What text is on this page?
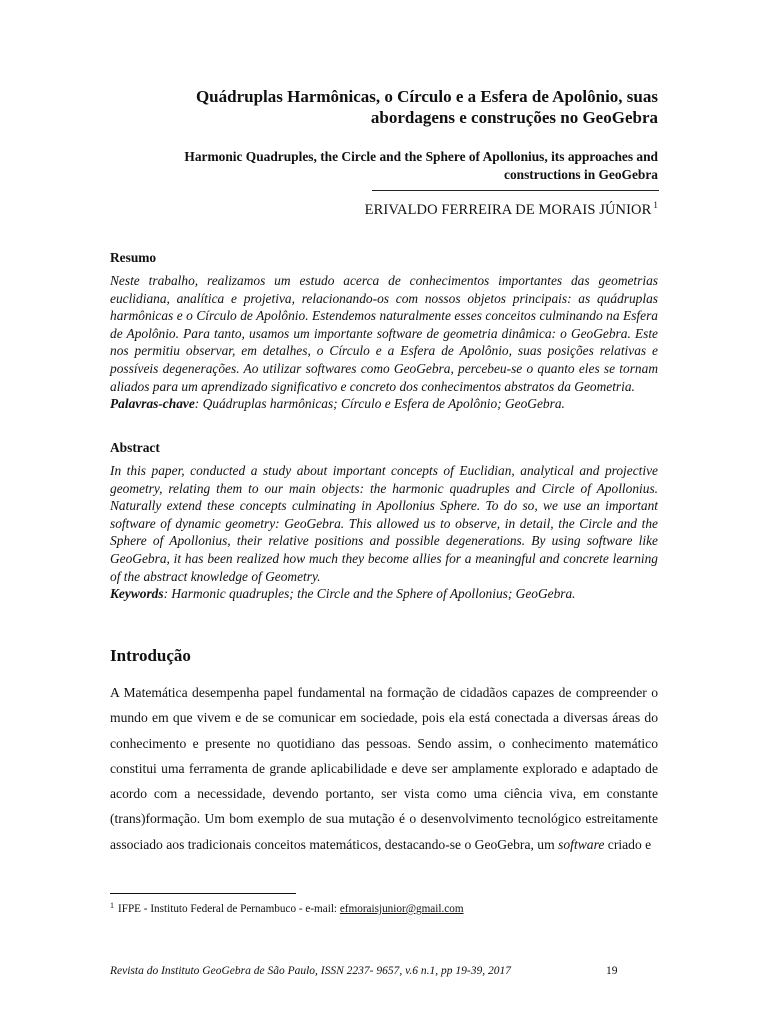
Quádruplas Harmônicas, o Círculo e a Esfera de Apolônio, suas
abordagens e construções no GeoGebra
Harmonic Quadruples, the Circle and the Sphere of Apollonius, its approaches and
constructions in GeoGebra
ERIVALDO FERREIRA DE MORAIS JÚNIOR $^1$
Resumo
Neste trabalho, realizamos um estudo acerca de conhecimentos importantes das geometrias euclidiana, analítica e projetiva, relacionando-os com nossos objetos principais: as quádruplas harmônicas e o Círculo de Apolônio. Estendemos naturalmente esses conceitos culminando na Esfera de Apolônio. Para tanto, usamos um importante software de geometria dinâmica: o GeoGebra. Este nos permitiu observar, em detalhes, o Círculo e a Esfera de Apolônio, suas posições relativas e possíveis degenerações. Ao utilizar softwares como GeoGebra, percebeu-se o quanto eles se tornam aliados para um aprendizado significativo e concreto dos conhecimentos abstratos da Geometria.
Palavras-chave: Quádruplas harmônicas; Círculo e Esfera de Apolônio; GeoGebra.
Abstract
In this paper, conducted a study about important concepts of Euclidian, analytical and projective geometry, relating them to our main objects: the harmonic quadruples and Circle of Apollonius. Naturally extend these concepts culminating in Apollonius Sphere. To do so, we use an important software of dynamic geometry: GeoGebra. This allowed us to observe, in detail, the Circle and the Sphere of Apollonius, their relative positions and possible degenerations. By using software like GeoGebra, it has been realized how much they become allies for a meaningful and concrete learning of the abstract knowledge of Geometry.
Keywords: Harmonic quadruples; the Circle and the Sphere of Apollonius; GeoGebra.
Introdução
A Matemática desempenha papel fundamental na formação de cidadãos capazes de compreender o mundo em que vivem e de se comunicar em sociedade, pois ela está conectada a diversas áreas do conhecimento e presente no quotidiano das pessoas. Sendo assim, o conhecimento matemático constitui uma ferramenta de grande aplicabilidade e deve ser amplamente explorado e adaptado de acordo com a necessidade, devendo portanto, ser vista como uma ciência viva, em constante (trans)formação. Um bom exemplo de sua mutação é o desenvolvimento tecnológico estreitamente associado aos tradicionais conceitos matemáticos, destacando-se o GeoGebra, um software criado e
$^1$ IFPE - Instituto Federal de Pernambuco - e-mail: efmoraisjunior@gmail.com
Revista do Instituto GeoGebra de São Paulo, ISSN 2237- 9657, v.6 n.1, pp 19-39, 2017	19
